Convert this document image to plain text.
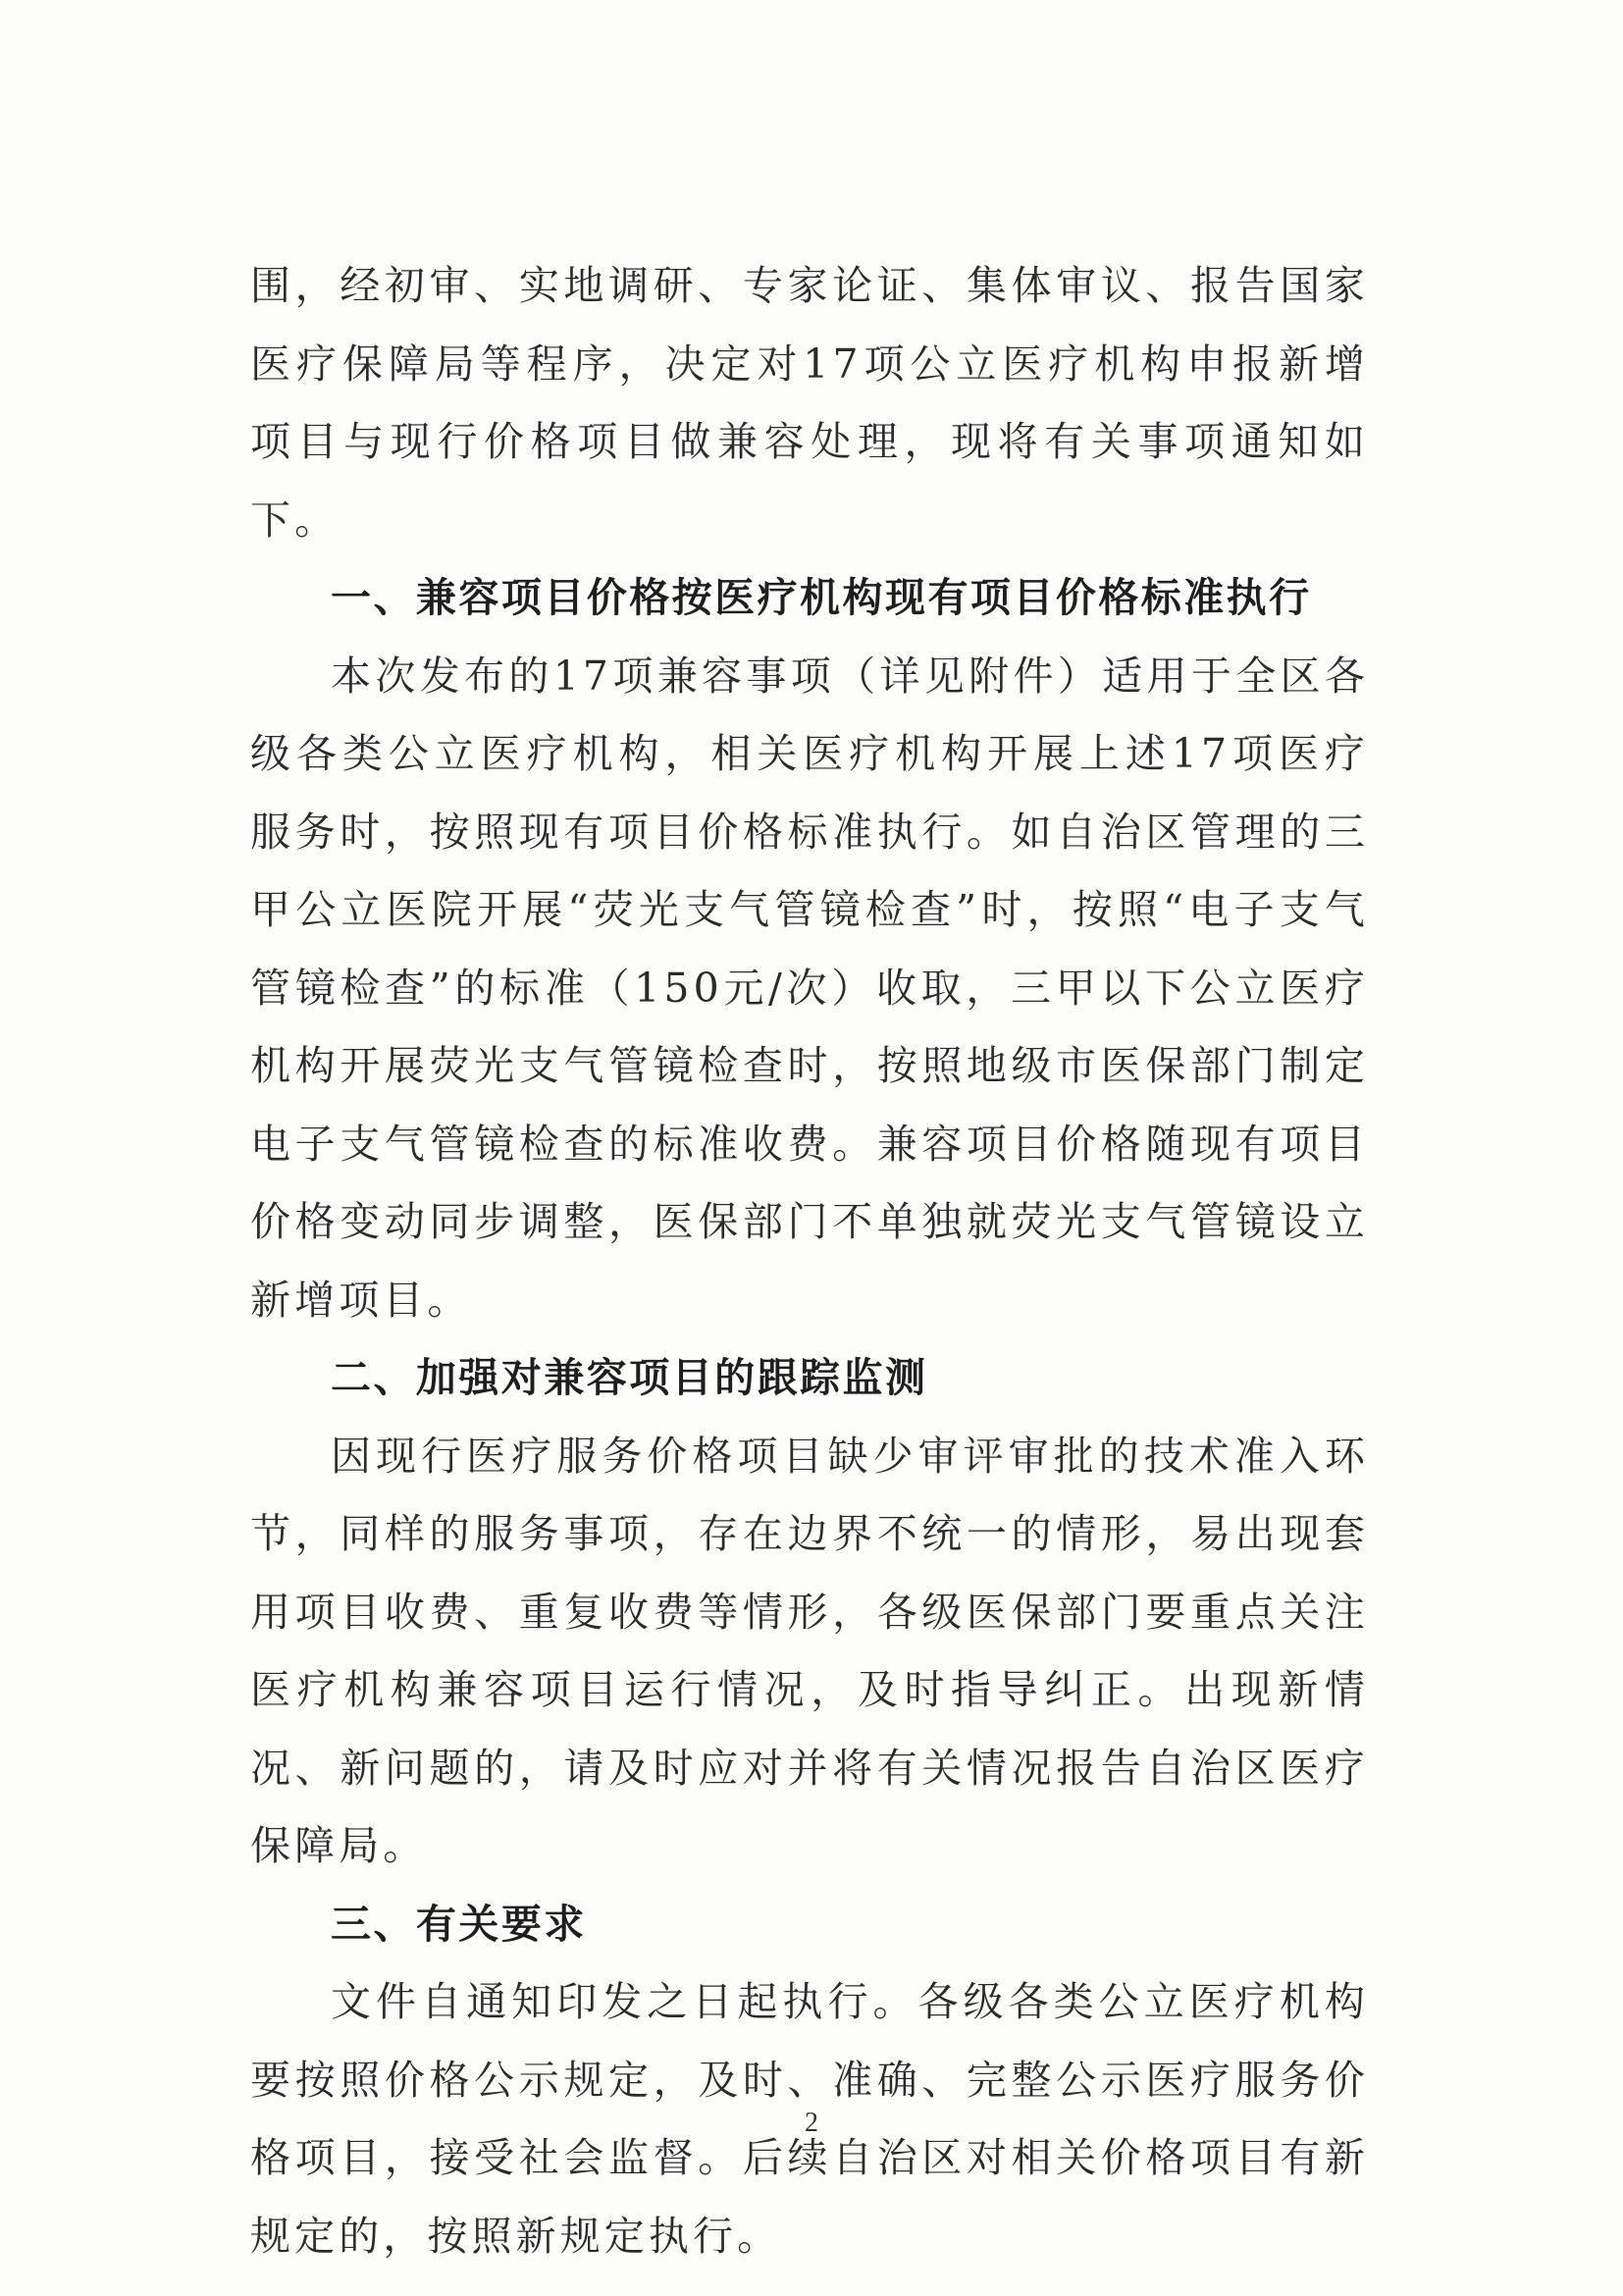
围，经初审、实地调研、专家论证、集体审议、报告国家医疗保障局等程序，决定对17项公立医疗机构申报新增项目与现行价格项目做兼容处理，现将有关事项通知如下。

一、兼容项目价格按医疗机构现有项目价格标准执行

本次发布的17项兼容事项（详见附件）适用于全区各级各类公立医疗机构，相关医疗机构开展上述17项医疗服务时，按照现有项目价格标准执行。如自治区管理的三甲公立医院开展“荧光支气管镜检查”时，按照“电子支气管镜检查”的标准（150元/次）收取，三甲以下公立医疗机构开展荧光支气管镜检查时，按照地级市医保部门制定电子支气管镜检查的标准收费。兼容项目价格随现有项目价格变动同步调整，医保部门不单独就荧光支气管镜设立新增项目。

二、加强对兼容项目的跟踪监测

因现行医疗服务价格项目缺少审评审批的技术准入环节，同样的服务事项，存在边界不统一的情形，易出现套用项目收费、重复收费等情形，各级医保部门要重点关注医疗机构兼容项目运行情况，及时指导纠正。出现新情况、新问题的，请及时应对并将有关情况报告自治区医疗保障局。

三、有关要求

文件自通知印发之日起执行。各级各类公立医疗机构要按照价格公示规定，及时、准确、完整公示医疗服务价格项目，接受社会监督。后续自治区对相关价格项目有新规定的，按照新规定执行。

2
